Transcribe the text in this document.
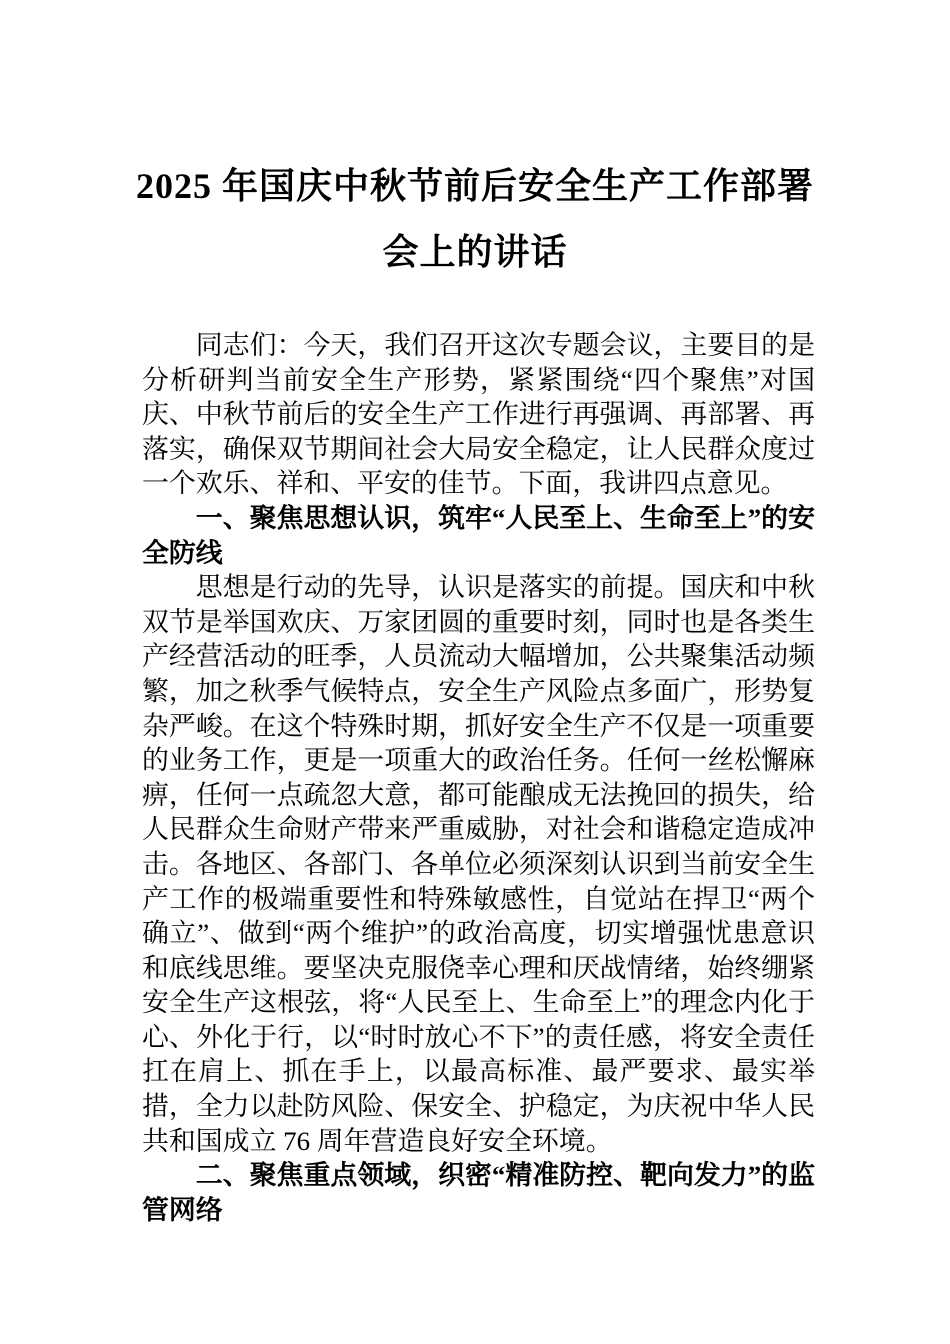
2025 年国庆中秋节前后安全生产工作部署
会上的讲话

同志们：今天，我们召开这次专题会议，主要目的是分析研判当前安全生产形势，紧紧围绕“四个聚焦”对国庆、中秋节前后的安全生产工作进行再强调、再部署、再落实，确保双节期间社会大局安全稳定，让人民群众度过一个欢乐、祥和、平安的佳节。下面，我讲四点意见。

一、聚焦思想认识，筑牢“人民至上、生命至上”的安全防线

思想是行动的先导，认识是落实的前提。国庆和中秋双节是举国欢庆、万家团圆的重要时刻，同时也是各类生产经营活动的旺季，人员流动大幅增加，公共聚集活动频繁，加之秋季气候特点，安全生产风险点多面广，形势复杂严峻。在这个特殊时期，抓好安全生产不仅是一项重要的业务工作，更是一项重大的政治任务。任何一丝松懈麻痹，任何一点疏忽大意，都可能酿成无法挽回的损失，给人民群众生命财产带来严重威胁，对社会和谐稳定造成冲击。各地区、各部门、各单位必须深刻认识到当前安全生产工作的极端重要性和特殊敏感性，自觉站在捍卫“两个确立”、做到“两个维护”的政治高度，切实增强忧患意识和底线思维。要坚决克服侥幸心理和厌战情绪，始终绷紧安全生产这根弦，将“人民至上、生命至上”的理念内化于心、外化于行，以“时时放心不下”的责任感，将安全责任扛在肩上、抓在手上，以最高标准、最严要求、最实举措，全力以赴防风险、保安全、护稳定，为庆祝中华人民共和国成立 76 周年营造良好安全环境。

二、聚焦重点领域，织密“精准防控、靶向发力”的监管网络
